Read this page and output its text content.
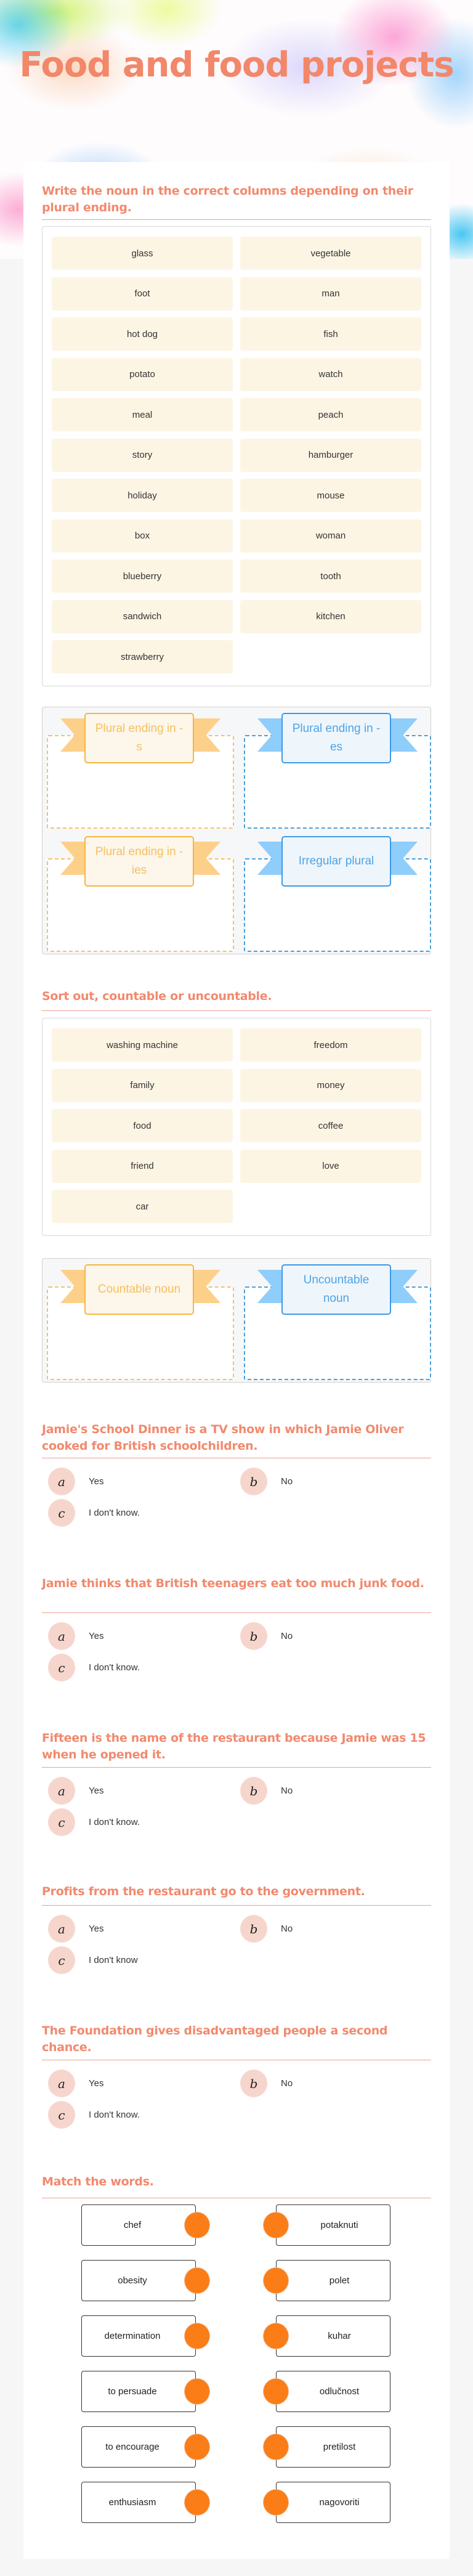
Food and food projects
Write the noun in the correct columns depending on their plural ending.
glass	vegetable
foot	man
hot dog	fish
potato	watch
meal	peach
story	hamburger
holiday	mouse
box	woman
blueberry	tooth
sandwich	kitchen
strawberry
Plural ending in -s
Plural ending in -es
Plural ending in -ies
Irregular plural
Sort out, countable or uncountable.
washing machine	freedom
family	money
food	coffee
friend	love
car
Countable noun
Uncountable noun
Jamie's School Dinner is a TV show in which Jamie Oliver cooked for British schoolchildren.
a	Yes	b	No
c	I don't know.
Jamie thinks that British teenagers eat too much junk food.
a	Yes	b	No
c	I don't know.
Fifteen is the name of the restaurant because Jamie was 15 when he opened it.
a	Yes	b	No
c	I don't know.
Profits from the restaurant go to the government.
a	Yes	b	No
c	I don't know
The Foundation gives disadvantaged people a second chance.
a	Yes	b	No
c	I don't know.
Match the words.
chef	potaknuti
obesity	polet
determination	kuhar
to persuade	odlučnost
to encourage	pretilost
enthusiasm	nagovoriti
